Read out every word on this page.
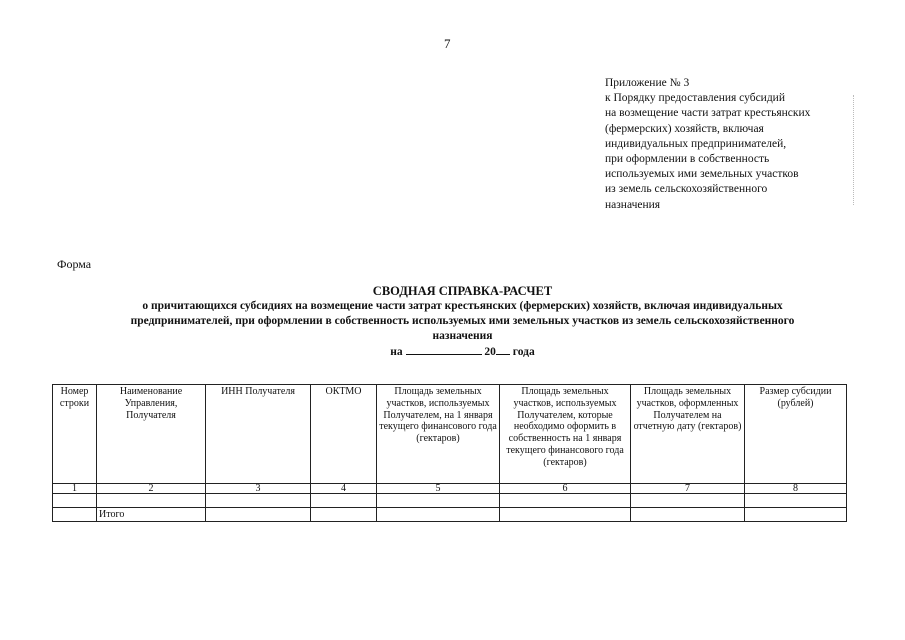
7
Приложение № 3
к Порядку предоставления субсидий
на возмещение части затрат крестьянских
(фермерских) хозяйств, включая
индивидуальных предпринимателей,
при оформлении в собственность
используемых ими земельных участков
из земель сельскохозяйственного
назначения
Форма
СВОДНАЯ СПРАВКА-РАСЧЕТ
о причитающихся субсидиях на возмещение части затрат крестьянских (фермерских) хозяйств, включая индивидуальных
предпринимателей, при оформлении в собственность используемых ими земельных участков из земель сельскохозяйственного
назначения
на	20 года
Номер строки	Наименование Управления, Получателя	ИНН Получателя	ОКТМО	Площадь земельных участков, используемых Получателем, на 1 января текущего финансового года (гектаров)	Площадь земельных участков, используемых Получателем, которые необходимо оформить в собственность на 1 января текущего финансового года (гектаров)	Площадь земельных участков, оформленных Получателем на отчетную дату (гектаров)	Размер субсидии (рублей)
1	2	3	4	5	6	7	8

	Итого						
